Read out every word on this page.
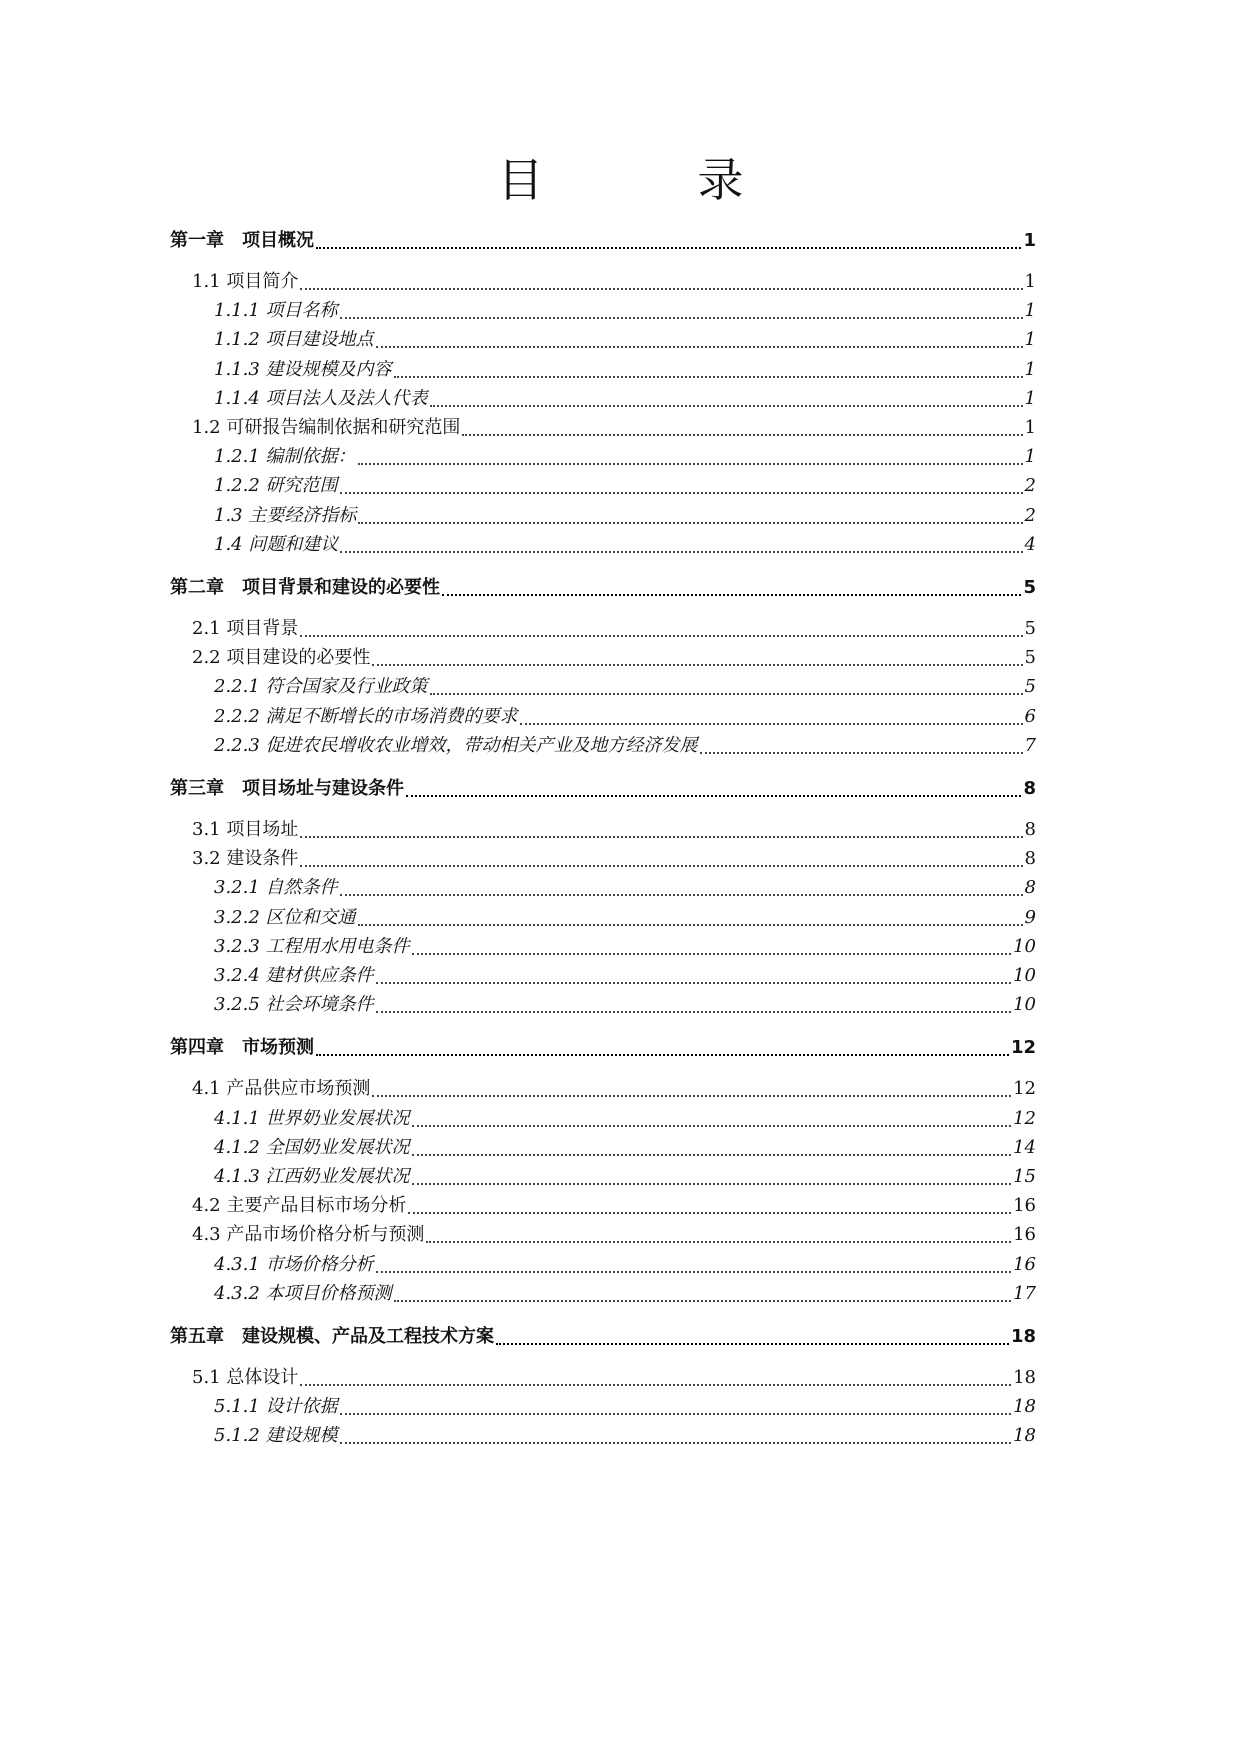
目　录
第一章　项目概况	1
1.1 项目简介	1
1.1.1 项目名称	1
1.1.2 项目建设地点	1
1.1.3 建设规模及内容	1
1.1.4 项目法人及法人代表	1
1.2 可研报告编制依据和研究范围	1
1.2.1 编制依据：	1
1.2.2 研究范围	2
1.3 主要经济指标	2
1.4 问题和建议	4
第二章　项目背景和建设的必要性	5
2.1 项目背景	5
2.2 项目建设的必要性	5
2.2.1 符合国家及行业政策	5
2.2.2 满足不断增长的市场消费的要求	6
2.2.3 促进农民增收农业增效，带动相关产业及地方经济发展	7
第三章　项目场址与建设条件	8
3.1 项目场址	8
3.2 建设条件	8
3.2.1 自然条件	8
3.2.2 区位和交通	9
3.2.3 工程用水用电条件	10
3.2.4 建材供应条件	10
3.2.5 社会环境条件	10
第四章　市场预测	12
4.1 产品供应市场预测	12
4.1.1 世界奶业发展状况	12
4.1.2 全国奶业发展状况	14
4.1.3 江西奶业发展状况	15
4.2 主要产品目标市场分析	16
4.3 产品市场价格分析与预测	16
4.3.1 市场价格分析	16
4.3.2 本项目价格预测	17
第五章　建设规模、产品及工程技术方案	18
5.1 总体设计	18
5.1.1 设计依据	18
5.1.2 建设规模	18
